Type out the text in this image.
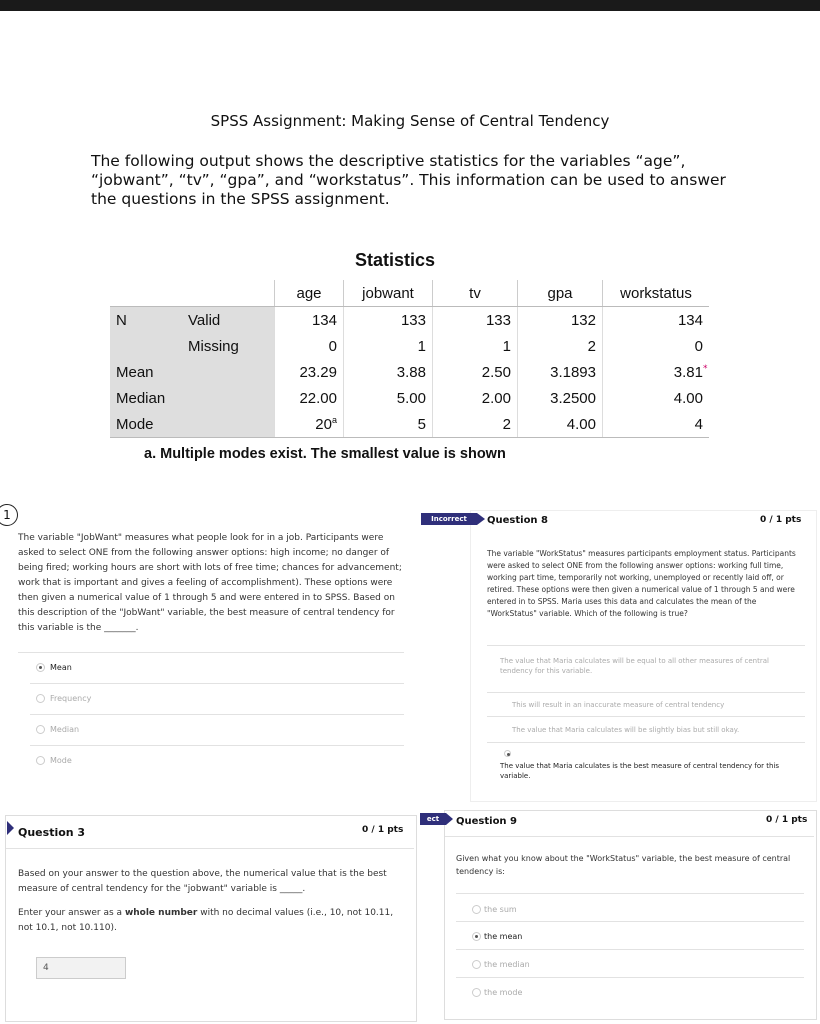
SPSS Assignment: Making Sense of Central Tendency
The following output shows the descriptive statistics for the variables “age”, “jobwant”, “tv”, “gpa”, and “workstatus”. This information can be used to answer the questions in the SPSS assignment.
Statistics
		age	jobwant	tv	gpa	workstatus
N	Valid	134	133	133	132	134
	Missing	0	1	1	2	0
Mean		23.29	3.88	2.50	3.1893	3.81
Median		22.00	5.00	2.00	3.2500	4.00
Mode		20$^a$	5	2	4.00	4
*
a. Multiple modes exist. The smallest value is shown
1
The variable "JobWant" measures what people look for in a job. Participants were asked to select ONE from the following answer options: high income; no danger of being fired; working hours are short with lots of free time; chances for advancement; work that is important and gives a feeling of accomplishment). These options were then given a numerical value of 1 through 5 and were entered in to SPSS. Based on this description of the "JobWant" variable, the best measure of central tendency for this variable is the _______.
Mean
Frequency
Median
Mode
Incorrect	Question 8	0 / 1 pts
The variable "WorkStatus" measures participants employment status. Participants were asked to select ONE from the following answer options: working full time, working part time, temporarily not working, unemployed or recently laid off, or retired. These options were then given a numerical value of 1 through 5 and were entered in to SPSS. Maria uses this data and calculates the mean of the "WorkStatus" variable. Which of the following is true?
The value that Maria calculates will be equal to all other measures of central tendency for this variable.
This will result in an inaccurate measure of central tendency
The value that Maria calculates will be slightly bias but still okay.
The value that Maria calculates is the best measure of central tendency for this variable.
Question 3	0 / 1 pts
Based on your answer to the question above, the numerical value that is the best measure of central tendency for the "jobwant" variable is _____.
Enter your answer as a whole number with no decimal values (i.e., 10, not 10.11, not 10.1, not 10.110).
4
ect	Question 9	0 / 1 pts
Given what you know about the "WorkStatus" variable, the best measure of central tendency is:
the sum
the mean
the median
the mode
